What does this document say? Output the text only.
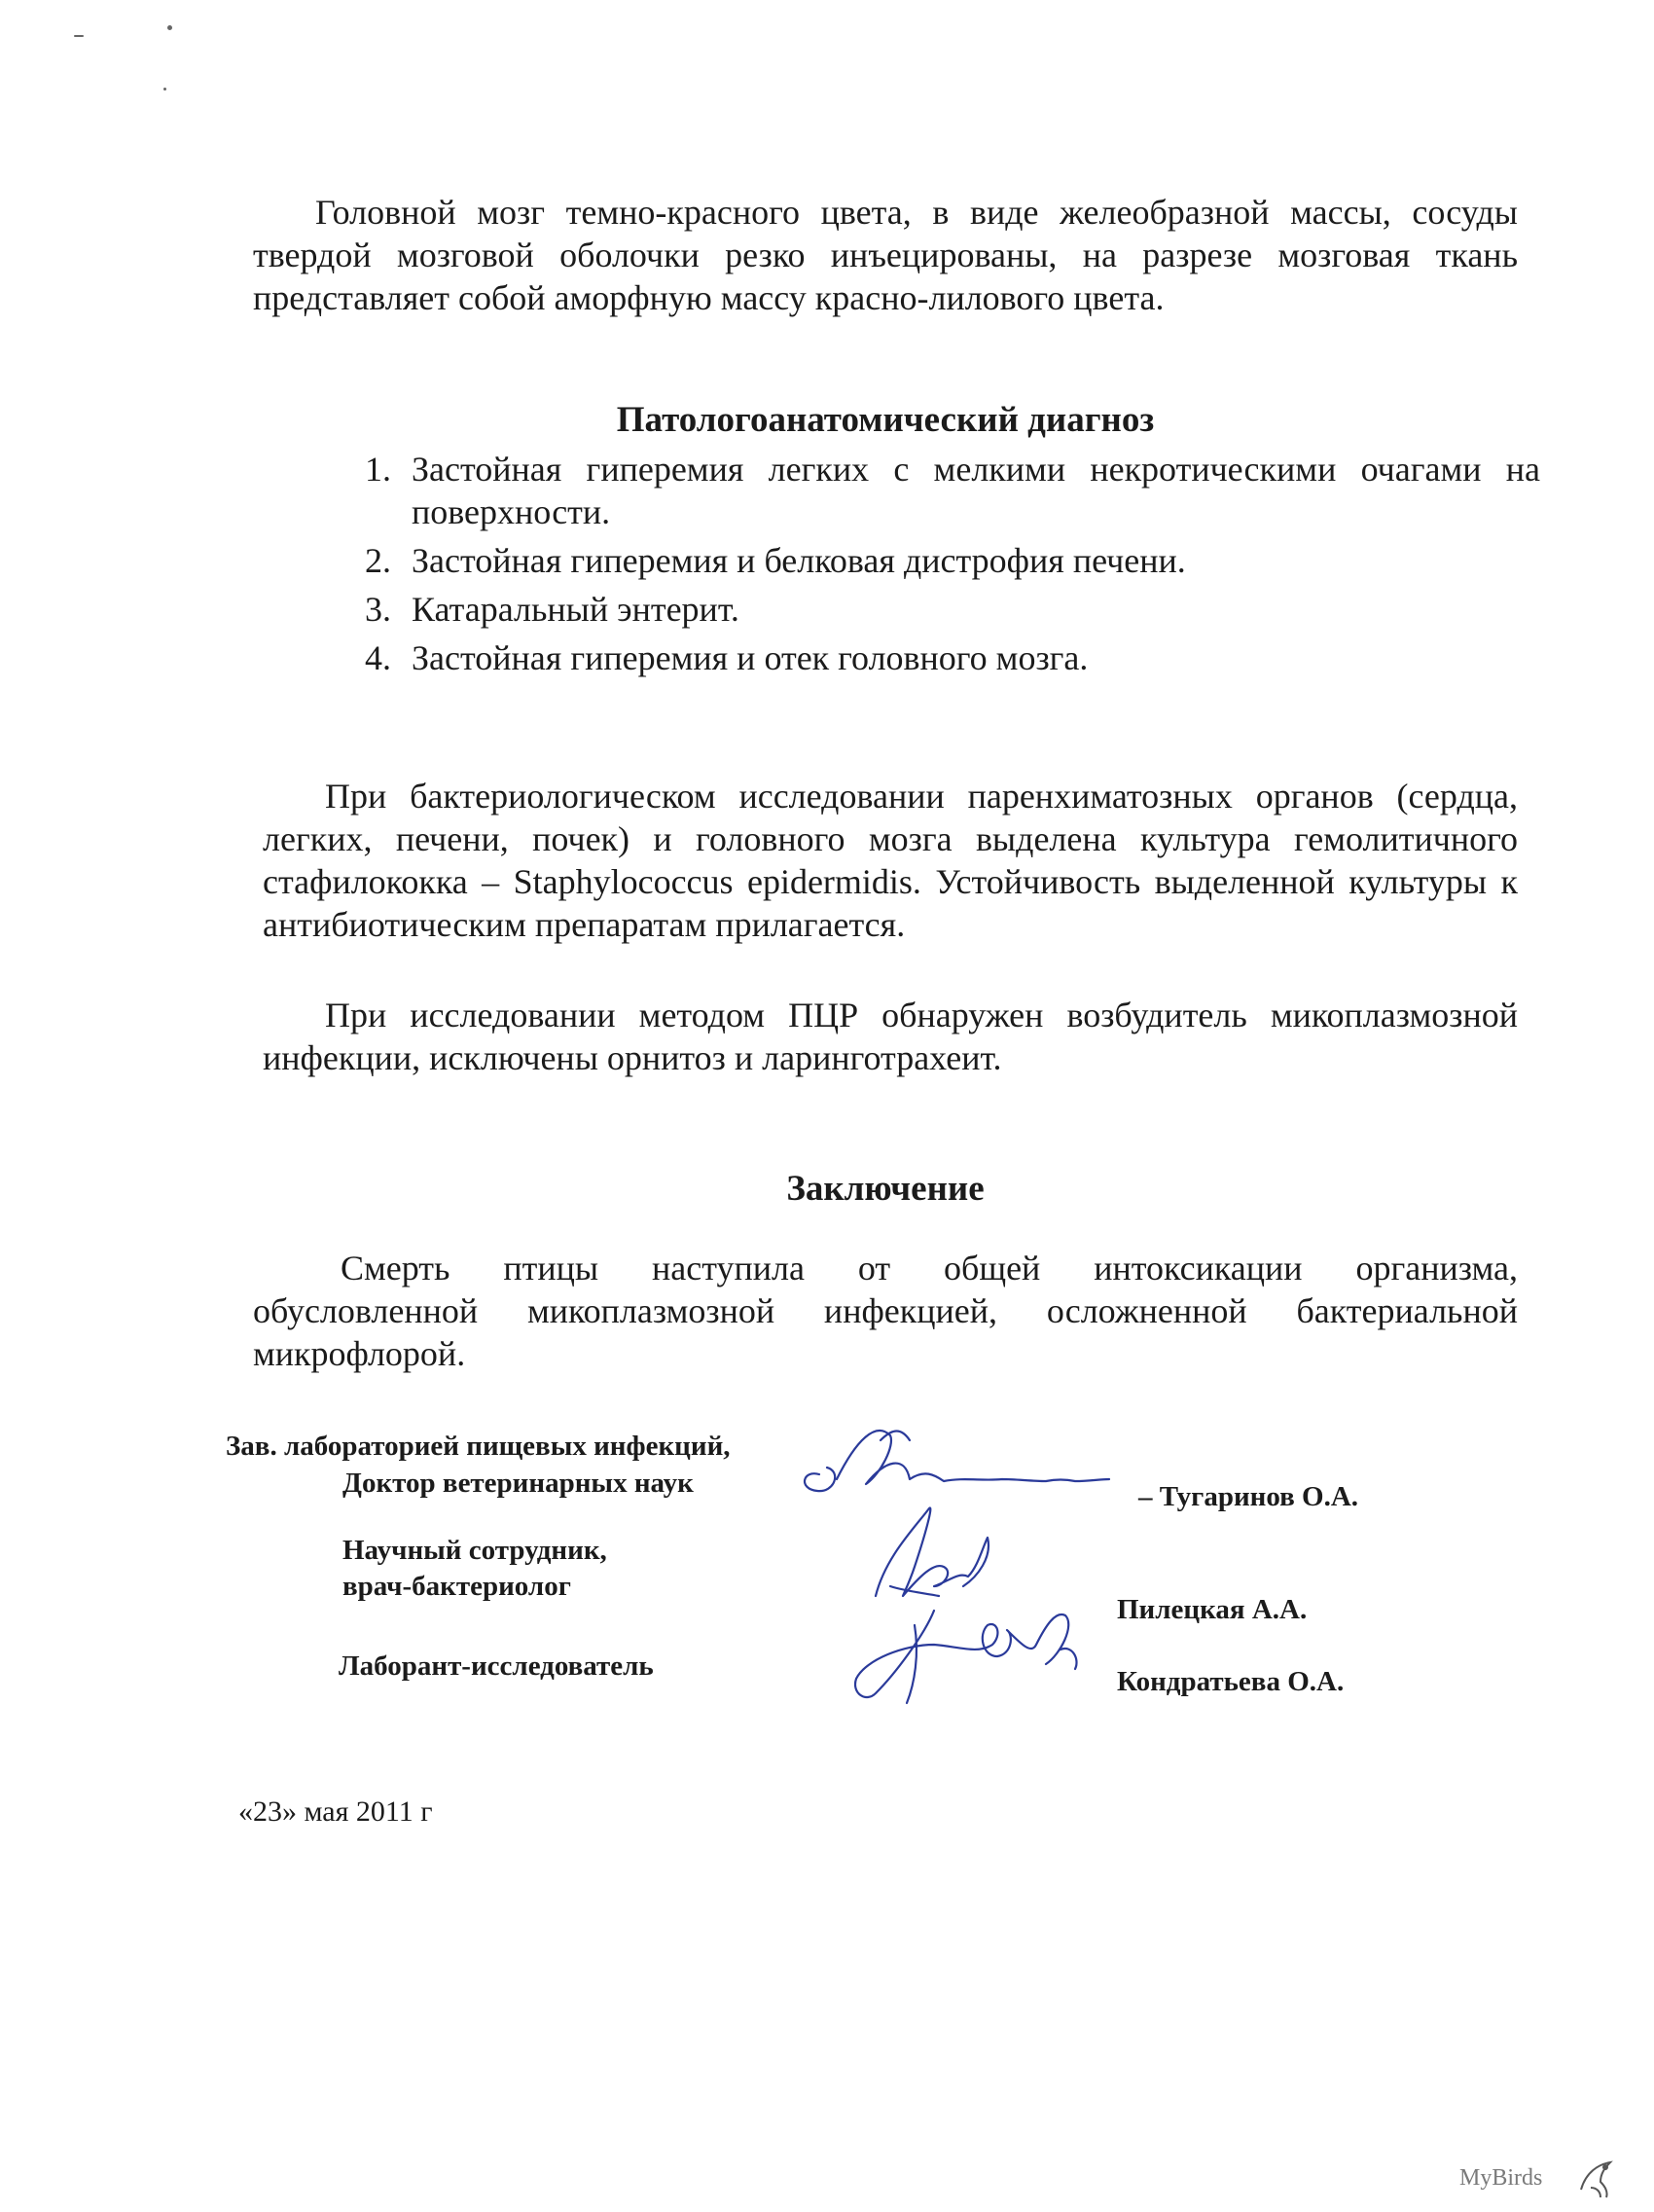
Головной мозг темно-красного цвета, в виде желеобразной массы, сосуды твердой мозговой оболочки резко инъецированы, на разрезе мозговая ткань представляет собой аморфную массу красно-лилового цвета.

Патологоанатомический диагноз
1. Застойная гиперемия легких с мелкими некротическими очагами на поверхности.
2. Застойная гиперемия и белковая дистрофия печени.
3. Катаральный энтерит.
4. Застойная гиперемия и отек головного мозга.

При бактериологическом исследовании паренхиматозных органов (сердца, легких, печени, почек) и головного мозга выделена культура гемолитичного стафилококка – Staphylococcus epidermidis. Устойчивость выделенной культуры к антибиотическим препаратам прилагается.

При исследовании методом ПЦР обнаружен возбудитель микоплазмозной инфекции, исключены орнитоз и ларинготрахеит.

Заключение

Смерть птицы наступила от общей интоксикации организма, обусловленной микоплазмозной инфекцией, осложненной бактериальной микрофлорой.

Зав. лабораторией пищевых инфекций,
Доктор ветеринарных наук	– Тугаринов О.А.
Научный сотрудник,
врач-бактериолог
Пилецкая А.А.
Лаборант-исследователь	Кондратьева О.А.
«23» мая 2011 г
MyBirds
